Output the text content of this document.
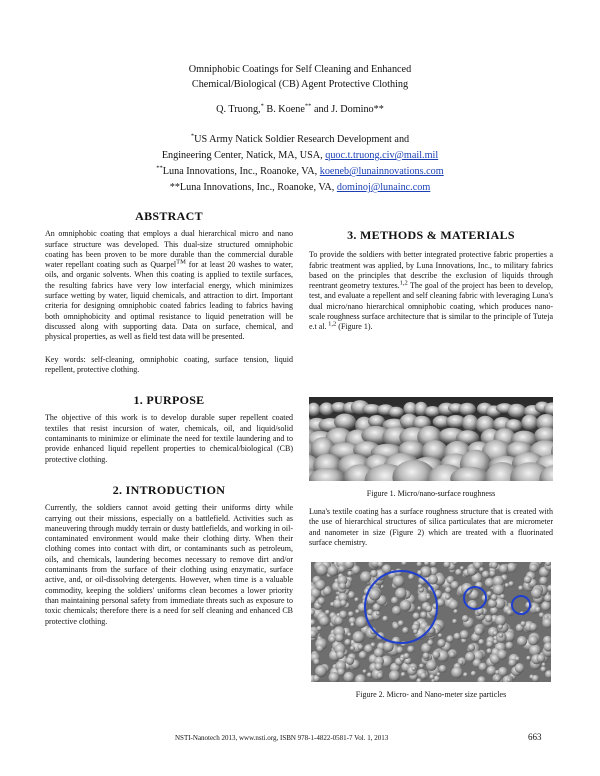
Omniphobic Coatings for Self Cleaning and Enhanced
Chemical/Biological (CB) Agent Protective Clothing
Q. Truong,* B. Koene** and J. Domino**
*US Army Natick Soldier Research Development and
Engineering Center, Natick, MA, USA, quoc.t.truong.civ@mail.mil
**Luna Innovations, Inc., Roanoke, VA, koeneb@lunainnovations.com
**Luna Innovations, Inc., Roanoke, VA, dominoj@lunainc.com

ABSTRACT

An omniphobic coating that employs a dual hierarchical micro and nano surface structure was developed. This dual-size structured omniphobic coating has been proven to be more durable than the commercial durable water repellant coating such as Quarpel™ for at least 20 washes to water, oils, and organic solvents. When this coating is applied to textile surfaces, the resulting fabrics have very low interfacial energy, which minimizes surface wetting by water, liquid chemicals, and attraction to dirt. Important criteria for designing omniphobic coated fabrics leading to fabrics having both omniphobicity and optimal resistance to liquid penetration will be discussed along with supporting data. Data on surface, chemical, and physical properties, as well as field test data will be presented.

Key words: self-cleaning, omniphobic coating, surface tension, liquid repellent, protective clothing.

1. PURPOSE

The objective of this work is to develop durable super repellent coated textiles that resist incursion of water, chemicals, oil, and liquid/solid contaminants to minimize or eliminate the need for textile laundering and to provide enhanced liquid repellent properties to chemical/biological (CB) protective clothing.

2. INTRODUCTION

Currently, the soldiers cannot avoid getting their uniforms dirty while carrying out their missions, especially on a battlefield. Activities such as maneuvering through muddy terrain or dusty battlefields, and working in oil-contaminated environment would make their clothing dirty. When their clothing comes into contact with dirt, or contaminants such as petroleum, oils, and chemicals, laundering becomes necessary to remove dirt and/or contaminants from the surface of their clothing using enzymatic, surface active, and, or oil-dissolving detergents. However, when time is a valuable commodity, keeping the soldiers' uniforms clean becomes a lower priority than maintaining personal safety from immediate threats such as exposure to toxic chemicals; therefore there is a need for self cleaning and enhanced CB protective clothing.

3. METHODS & MATERIALS

To provide the soldiers with better integrated protective fabric properties a fabric treatment was applied, by Luna Innovations, Inc., to military fabrics based on the principles that describe the exclusion of liquids through reentrant geometry textures.$^{1,2}$ The goal of the project has been to develop, test, and evaluate a repellent and self cleaning fabric with leveraging Luna's dual micro/nano hierarchical omniphobic coating, which produces nano-scale roughness surface architecture that is similar to the principle of Tuteja e.t al. $^{1,2}$ (Figure 1).

Figure 1. Micro/nano-surface roughness

Luna's textile coating has a surface roughness structure that is created with the use of hierarchical structures of silica particulates that are micrometer and nanometer in size (Figure 2) which are treated with a fluorinated surface chemistry.

Figure 2. Micro- and Nano-meter size particles
NSTI-Nanotech 2013, www.nsti.org, ISBN 978-1-4822-0581-7 Vol. 1, 2013	663
